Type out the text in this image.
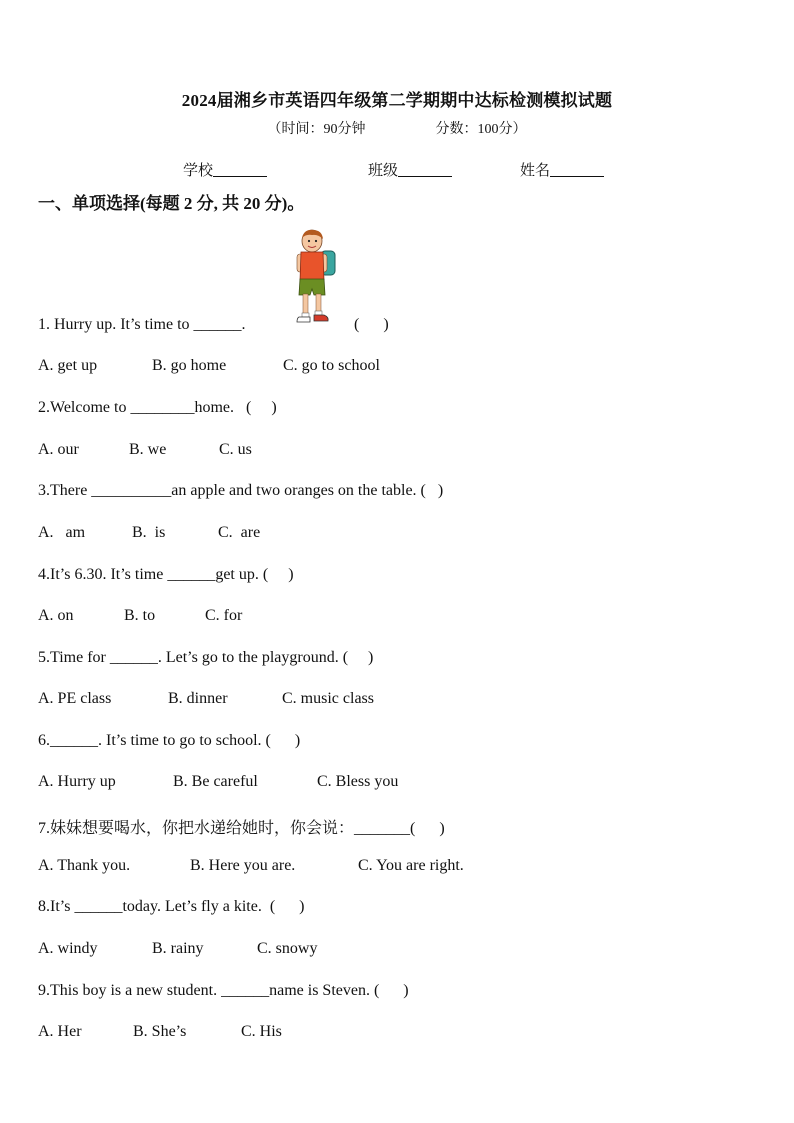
2024届湘乡市英语四年级第二学期期中达标检测模拟试题
（时间：90分钟                    分数：100分）
学校	班级	姓名
一、单项选择(每题 2 分, 共 20 分)。
1. Hurry up. It’s time to ______.	(      )
A. get up	B. go home	C. go to school
2.Welcome to ________home.   (     )
A. our	B. we	C. us
3.There __________an apple and two oranges on the table. (   )
A.   am	B.  is	C.  are
4.It’s 6.30. It’s time ______get up. (     )
A. on	B. to	C. for
5.Time for ______. Let’s go to the playground. (     )
A. PE class	B. dinner	C. music class
6.______. It’s time to go to school. (      )
A. Hurry up	B. Be careful	C. Bless you
7.妹妹想要喝水，你把水递给她时，你会说：_______(      )
A. Thank you.	B. Here you are.	C. You are right.
8.It’s ______today. Let’s fly a kite.  (      )
A. windy	B. rainy	C. snowy
9.This boy is a new student. ______name is Steven. (      )
A. Her	B. She’s	C. His
